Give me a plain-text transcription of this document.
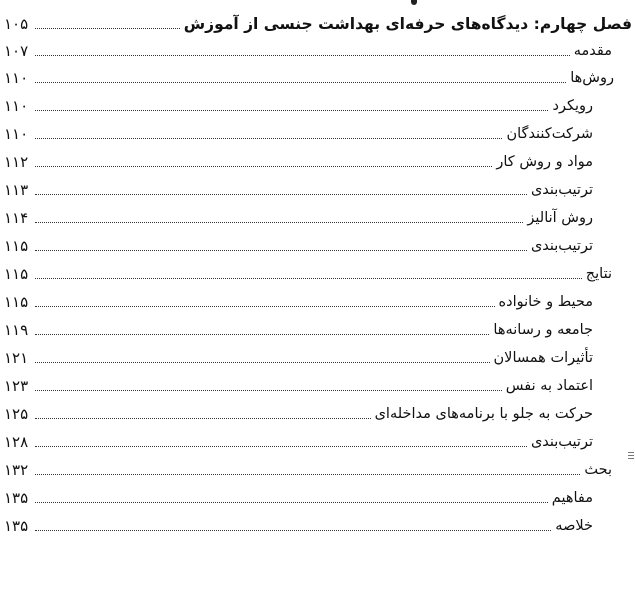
فصل چهارم: دیدگاه‌های حرفه‌ای بهداشت جنسی از آموزش
۱۰۵
مقدمه
۱۰۷
روش‌ها
۱۱۰
رویکرد
۱۱۰
شرکت‌کنندگان
۱۱۰
مواد و روش کار
۱۱۲
ترتیب‌بندی
۱۱۳
روش آنالیز
۱۱۴
ترتیب‌بندی
۱۱۵
نتایج
۱۱۵
محیط و خانواده
۱۱۵
جامعه و رسانه‌ها
۱۱۹
تأثیرات همسالان
۱۲۱
اعتماد به نفس
۱۲۳
حرکت به جلو با برنامه‌های مداخله‌ای
۱۲۵
ترتیب‌بندی
۱۲۸
بحث
۱۳۲
مفاهیم
۱۳۵
خلاصه
۱۳۵
